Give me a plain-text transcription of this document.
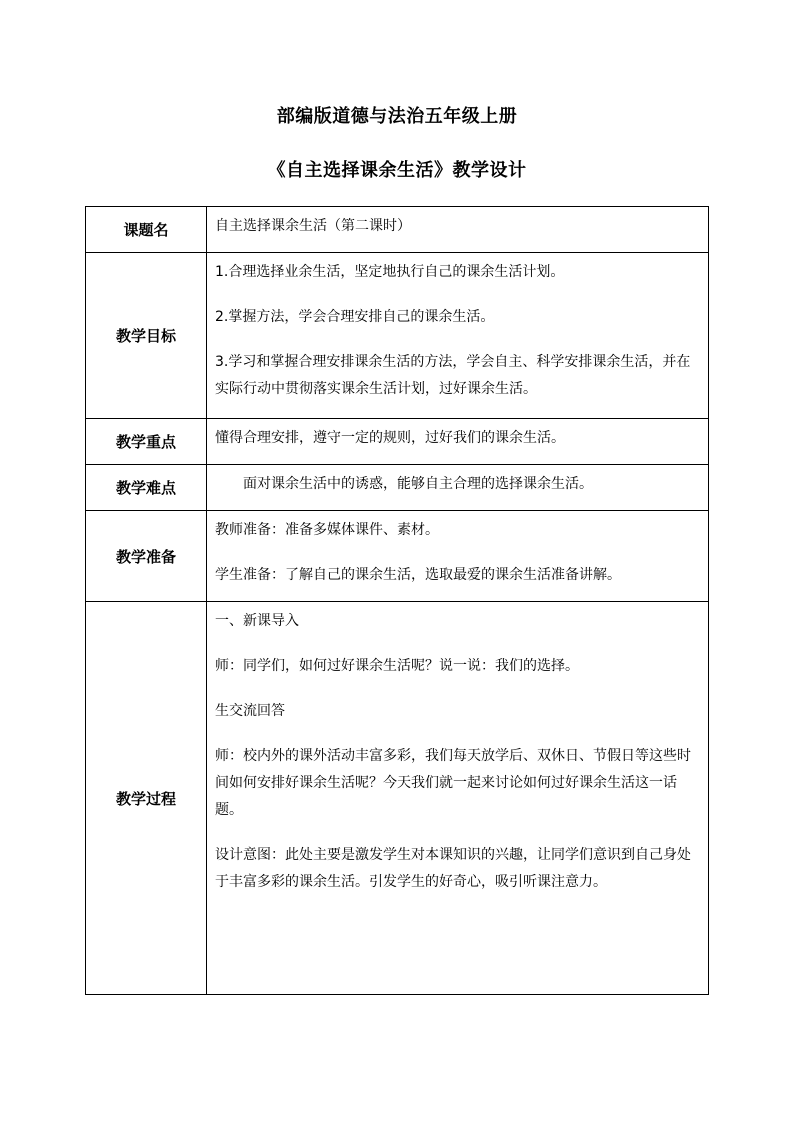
部编版道德与法治五年级上册
《自主选择课余生活》教学设计
课题名	自主选择课余生活（第二课时）

教学目标	1.合理选择业余生活，坚定地执行自己的课余生活计划。

2.掌握方法，学会合理安排自己的课余生活。

3.学习和掌握合理安排课余生活的方法，学会自主、科学安排课余生活，并在实际行动中贯彻落实课余生活计划，过好课余生活。

教学重点	懂得合理安排，遵守一定的规则，过好我们的课余生活。

教学难点	面对课余生活中的诱惑，能够自主合理的选择课余生活。

教学准备	教师准备：准备多媒体课件、素材。

学生准备：了解自己的课余生活，选取最爱的课余生活准备讲解。

教学过程	一、新课导入

师：同学们，如何过好课余生活呢？说一说：我们的选择。

生交流回答

师：校内外的课外活动丰富多彩，我们每天放学后、双休日、节假日等这些时间如何安排好课余生活呢？今天我们就一起来讨论如何过好课余生活这一话题。

设计意图：此处主要是激发学生对本课知识的兴趣，让同学们意识到自己身处于丰富多彩的课余生活。引发学生的好奇心，吸引听课注意力。
